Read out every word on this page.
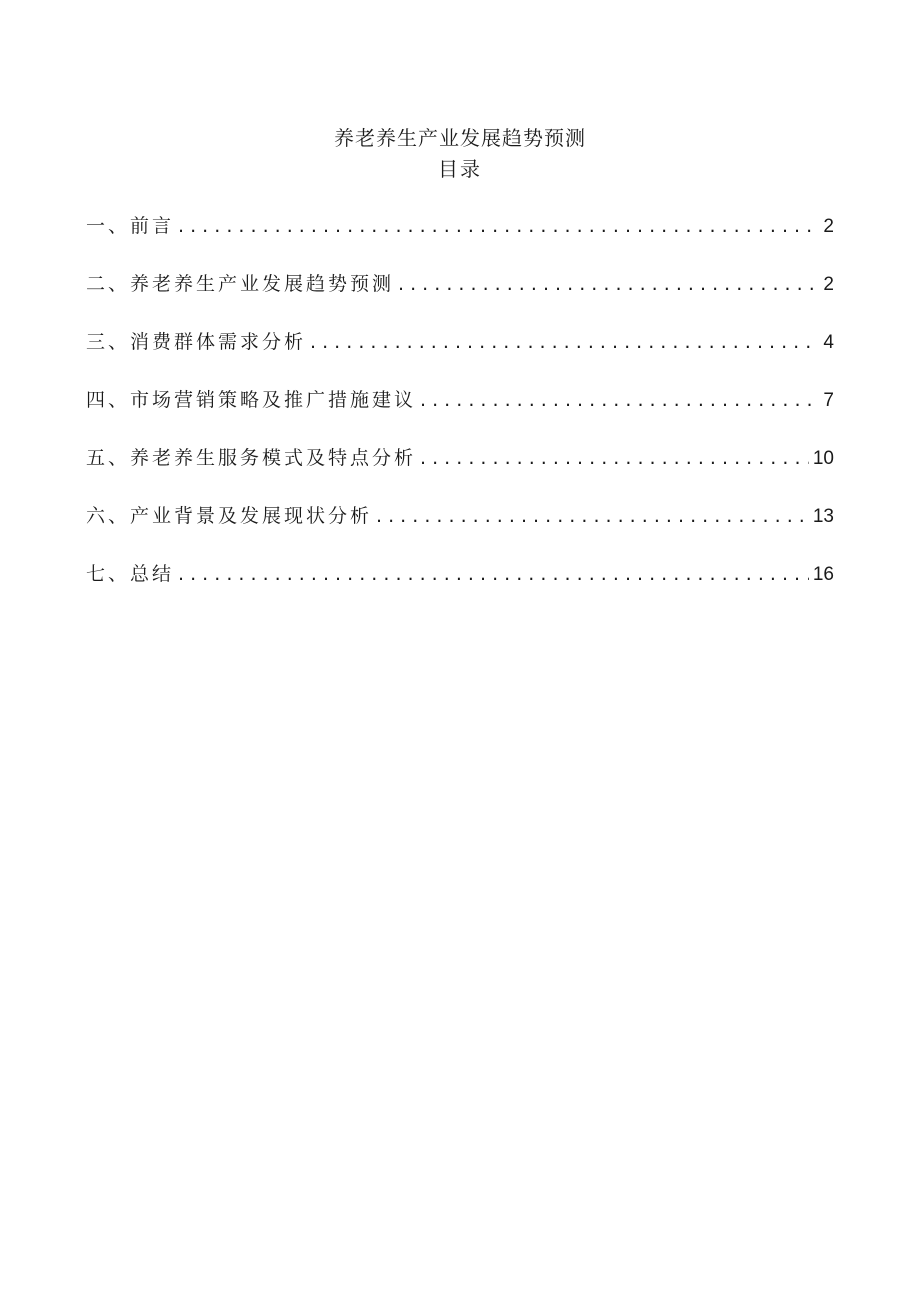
养老养生产业发展趋势预测
目录
一、前言 . . .	2
二、养老养生产业发展趋势预测 . . .	2
三、消费群体需求分析 . . .	4
四、市场营销策略及推广措施建议 . . .	7
五、养老养生服务模式及特点分析 . . .	10
六、产业背景及发展现状分析 . . .	13
七、总结 . . .	16
